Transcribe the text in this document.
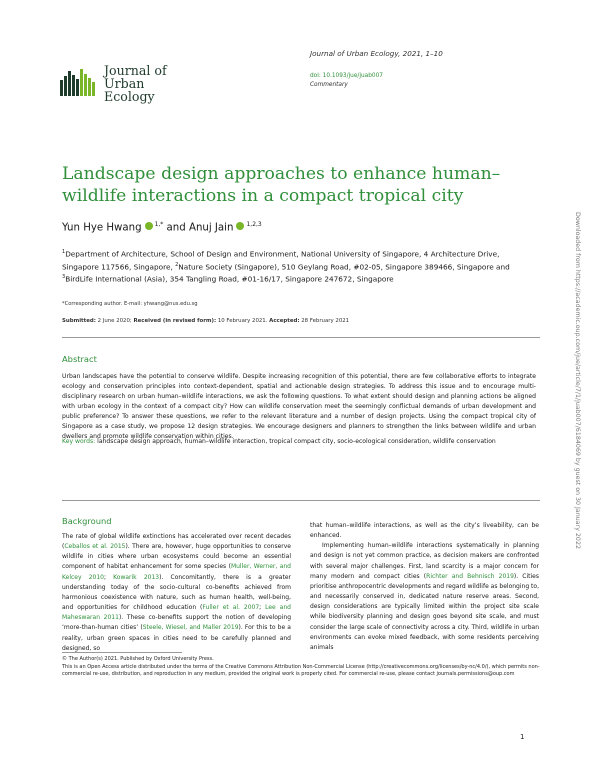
Journal of
Urban Ecology
Journal of Urban Ecology, 2021, 1–10
doi: 10.1093/jue/juab007
Commentary
Landscape design approaches to enhance human–wildlife interactions in a compact tropical city
Yun Hye Hwang $^{1,*}$ and Anuj Jain $^{1,2,3}$
$^1$Department of Architecture, School of Design and Environment, National University of Singapore, 4 Architecture Drive, Singapore 117566, Singapore, $^2$Nature Society (Singapore), 510 Geylang Road, #02-05, Singapore 389466, Singapore and $^3$BirdLife International (Asia), 354 Tangling Road, #01-16/17, Singapore 247672, Singapore
*Corresponding author. E-mail: yhwang@nus.edu.sg
Submitted: 2 June 2020; Received (in revised form): 10 February 2021. Accepted: 28 February 2021
Abstract
Urban landscapes have the potential to conserve wildlife. Despite increasing recognition of this potential, there are few collaborative efforts to integrate ecology and conservation principles into context-dependent, spatial and actionable design strategies. To address this issue and to encourage multi-disciplinary research on urban human–wildlife interactions, we ask the following questions. To what extent should design and planning actions be aligned with urban ecology in the context of a compact city? How can wildlife conservation meet the seemingly conflictual demands of urban development and public preference? To answer these questions, we refer to the relevant literature and a number of design projects. Using the compact tropical city of Singapore as a case study, we propose 12 design strategies. We encourage designers and planners to strengthen the links between wildlife and urban dwellers and promote wildlife conservation within cities.
Key words: landscape design approach, human–wildlife interaction, tropical compact city, socio-ecological consideration, wildlife conservation
Background

The rate of global wildlife extinctions has accelerated over recent decades (Ceballos et al. 2015). There are, however, huge opportunities to conserve wildlife in cities where urban ecosystems could become an essential component of habitat enhancement for some species (Muller, Werner, and Kelcey 2010; Kowarik 2013). Concomitantly, there is a greater understanding today of the socio-cultural co-benefits achieved from harmonious coexistence with nature, such as human health, well-being, and opportunities for childhood education (Fuller et al. 2007; Lee and Maheswaran 2011). These co-benefits support the notion of developing ‘more-than-human cities’ (Steele, Wiesel, and Maller 2019). For this to be a reality, urban green spaces in cities need to be carefully planned and designed, so

that human–wildlife interactions, as well as the city’s liveability, can be enhanced.

Implementing human–wildlife interactions systematically in planning and design is not yet common practice, as decision makers are confronted with several major challenges. First, land scarcity is a major concern for many modern and compact cities (Richter and Behnisch 2019). Cities prioritise anthropocentric developments and regard wildlife as belonging to, and necessarily conserved in, dedicated nature reserve areas. Second, design considerations are typically limited within the project site scale while biodiversity planning and design goes beyond site scale, and must consider the large scale of connectivity across a city. Third, wildlife in urban environments can evoke mixed feedback, with some residents perceiving animals

© The Author(s) 2021. Published by Oxford University Press.
This is an Open Access article distributed under the terms of the Creative Commons Attribution Non-Commercial License (http://creativecommons.org/licenses/by-nc/4.0/), which permits non-commercial re-use, distribution, and reproduction in any medium, provided the original work is properly cited. For commercial re-use, please contact journals.permissions@oup.com
1
Downloaded from https://academic.oup.com/jue/article/7/1/juab007/6184069 by guest on 30 January 2022
